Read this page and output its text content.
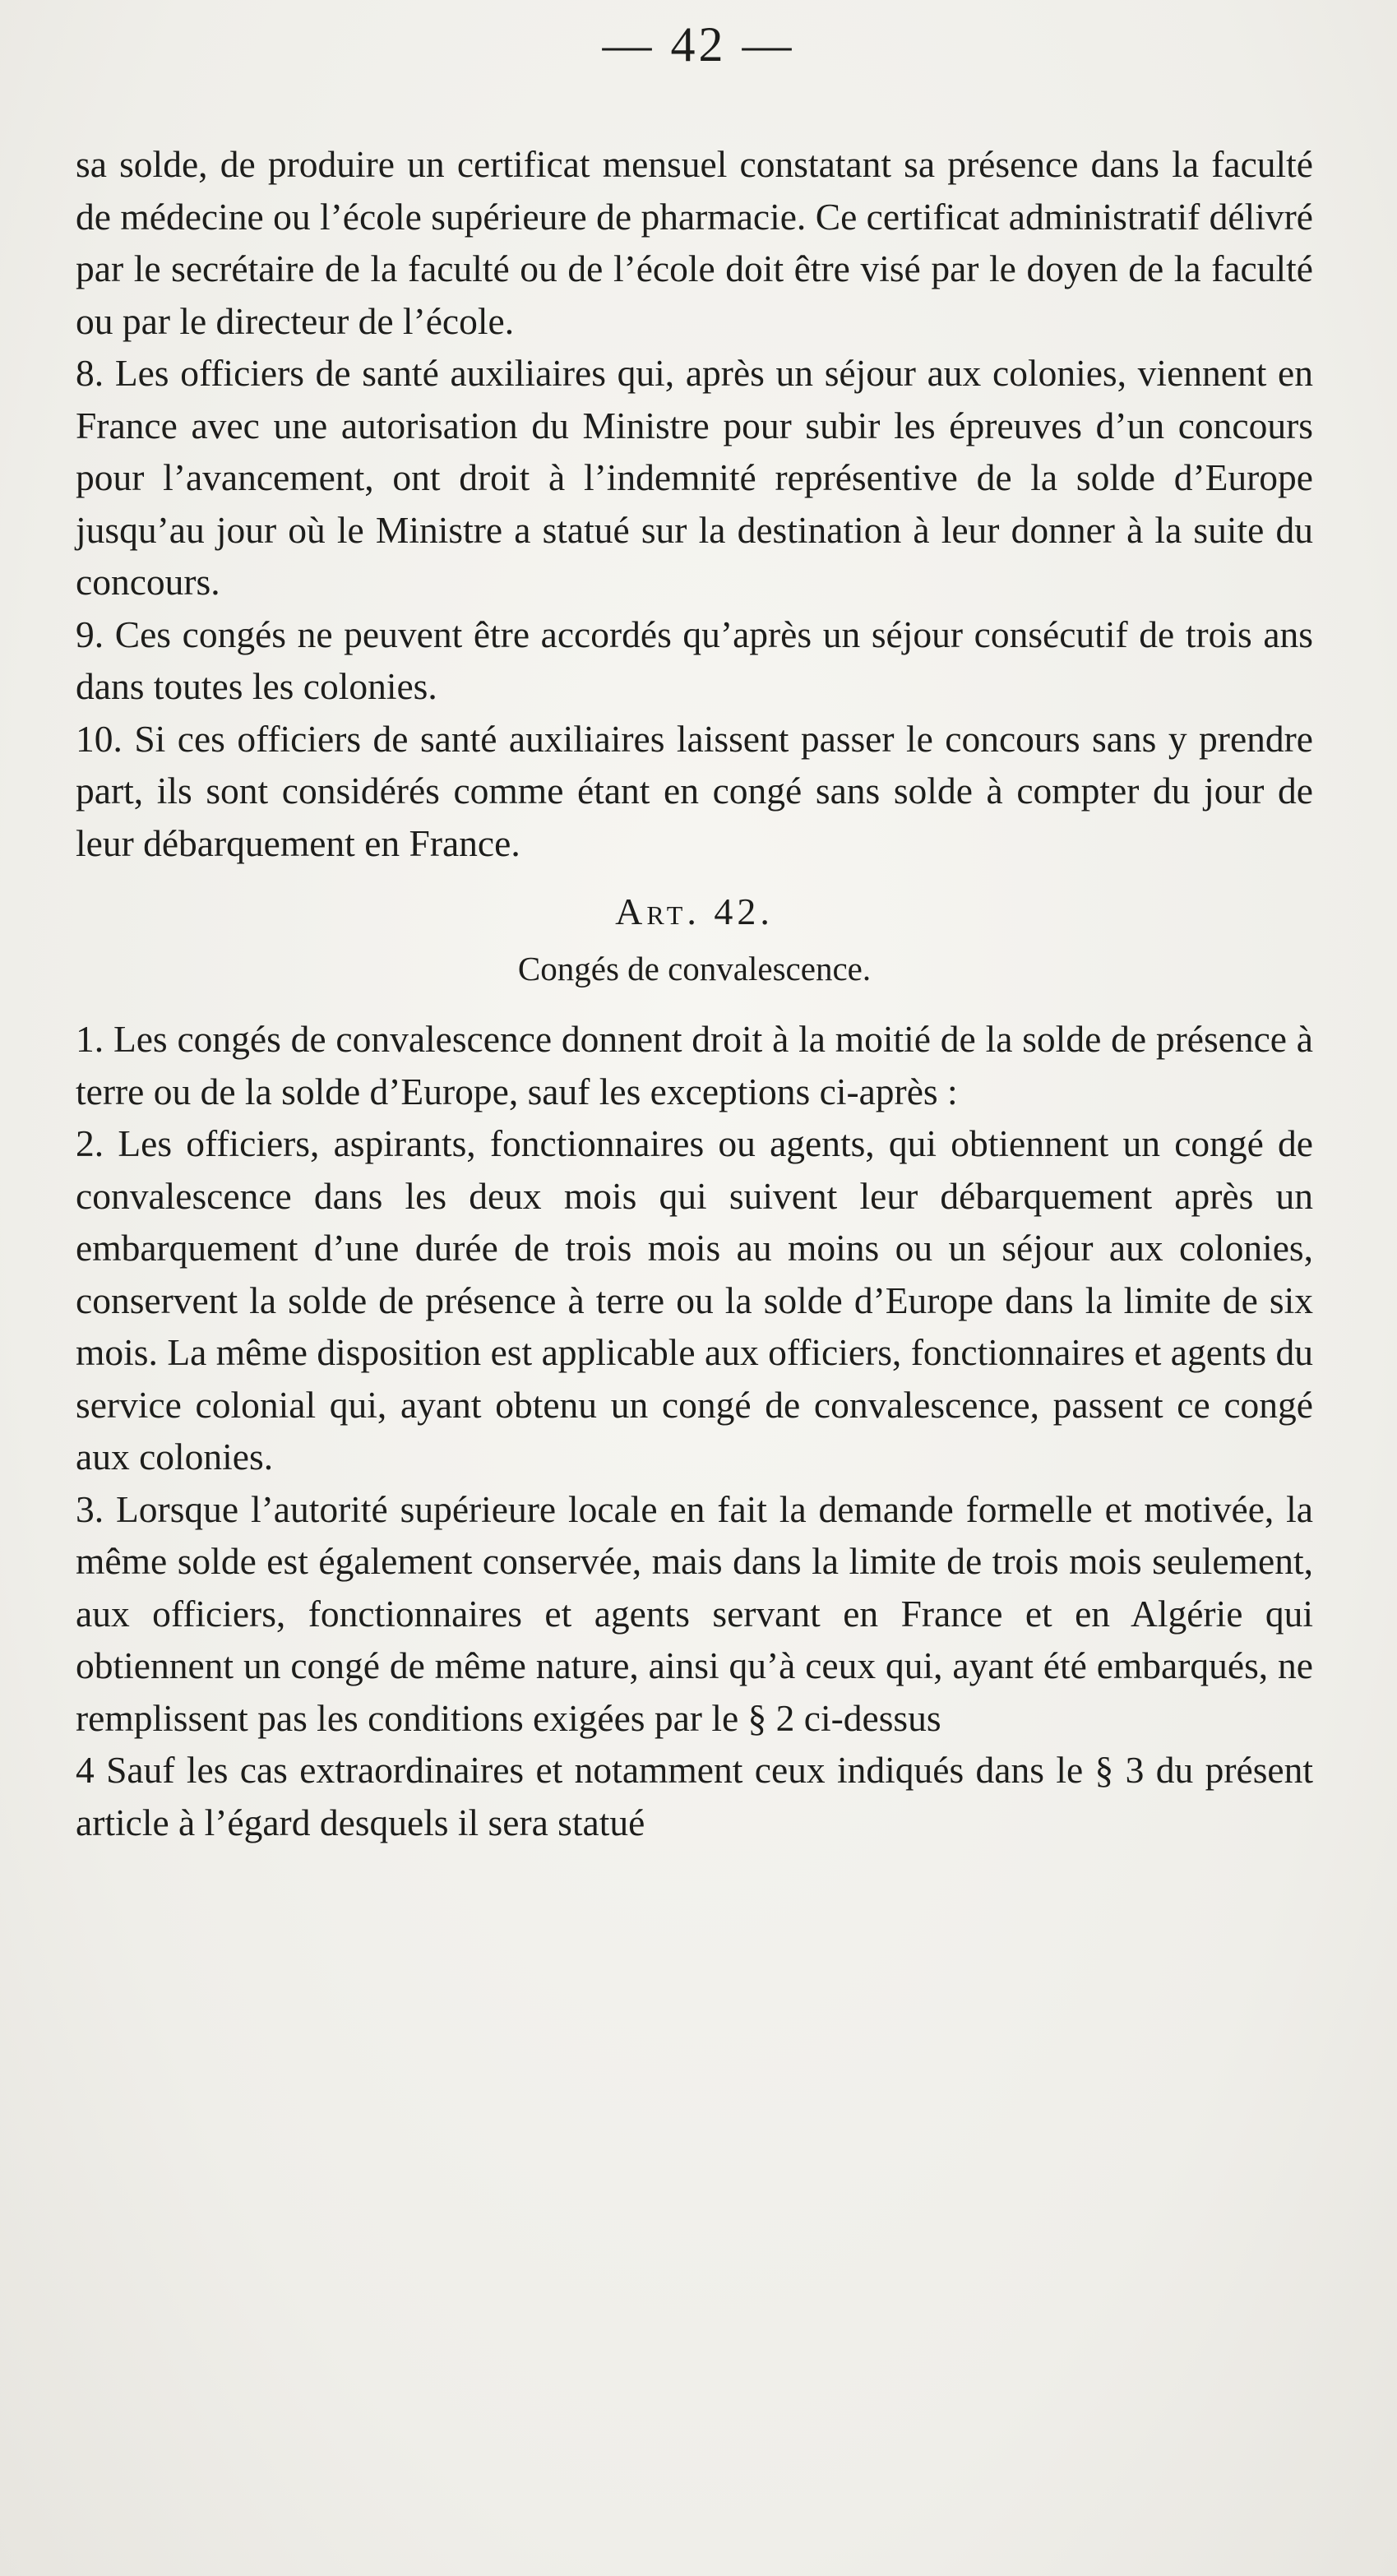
— 42 —

sa solde, de produire un certificat mensuel constatant sa présence dans la faculté de médecine ou l’école supérieure de pharmacie. Ce certificat administratif délivré par le secrétaire de la faculté ou de l’école doit être visé par le doyen de la faculté ou par le directeur de l’école.

8. Les officiers de santé auxiliaires qui, après un séjour aux colonies, viennent en France avec une autorisation du Ministre pour subir les épreuves d’un concours pour l’avancement, ont droit à l’indemnité représentive de la solde d’Europe jusqu’au jour où le Ministre a statué sur la destination à leur donner à la suite du concours.

9. Ces congés ne peuvent être accordés qu’après un séjour consécutif de trois ans dans toutes les colonies.

10. Si ces officiers de santé auxiliaires laissent passer le concours sans y prendre part, ils sont considérés comme étant en congé sans solde à compter du jour de leur débarquement en France.

Art. 42.

Congés de convalescence.

1. Les congés de convalescence donnent droit à la moitié de la solde de présence à terre ou de la solde d’Europe, sauf les exceptions ci-après :

2. Les officiers, aspirants, fonctionnaires ou agents, qui obtiennent un congé de convalescence dans les deux mois qui suivent leur débarquement après un embarquement d’une durée de trois mois au moins ou un séjour aux colonies, conservent la solde de présence à terre ou la solde d’Europe dans la limite de six mois. La même disposition est applicable aux officiers, fonctionnaires et agents du service colonial qui, ayant obtenu un congé de convalescence, passent ce congé aux colonies.

3. Lorsque l’autorité supérieure locale en fait la demande formelle et motivée, la même solde est également conservée, mais dans la limite de trois mois seulement, aux officiers, fonctionnaires et agents servant en France et en Algérie qui obtiennent un congé de même nature, ainsi qu’à ceux qui, ayant été embarqués, ne remplissent pas les conditions exigées par le § 2 ci-dessus

4 Sauf les cas extraordinaires et notamment ceux indiqués dans le § 3 du présent article à l’égard desquels il sera statué
